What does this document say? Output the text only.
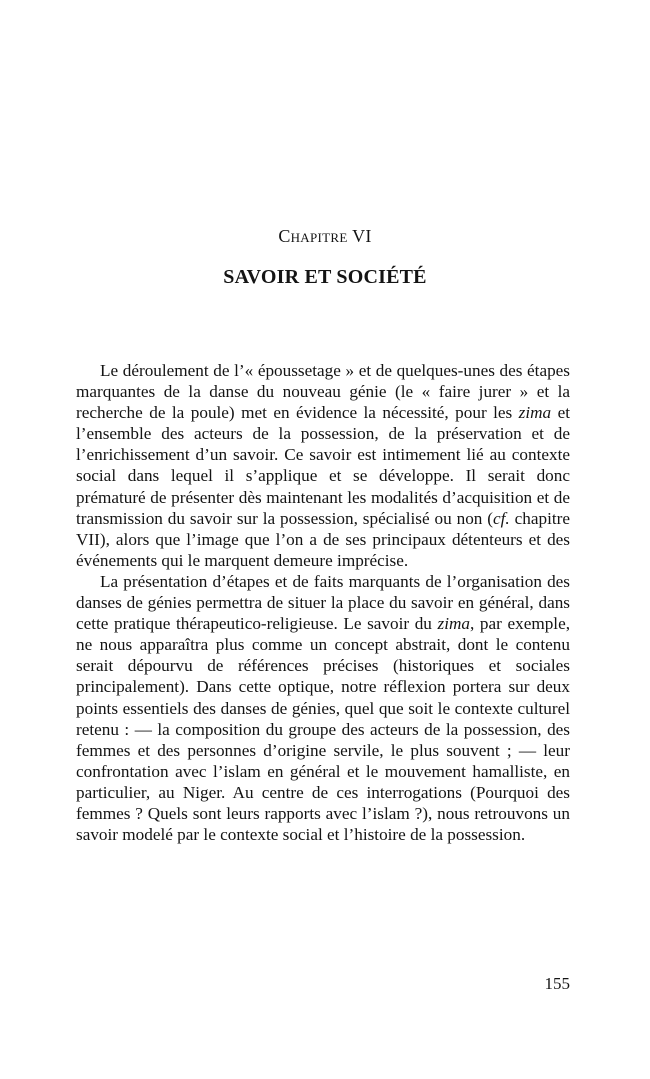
Chapitre VI
SAVOIR ET SOCIÉTÉ

Le déroulement de l’« époussetage » et de quelques-unes des étapes marquantes de la danse du nouveau génie (le « faire jurer » et la recherche de la poule) met en évidence la nécessité, pour les zima et l’ensemble des acteurs de la possession, de la préservation et de l’enrichissement d’un savoir. Ce savoir est intimement lié au contexte social dans lequel il s’applique et se développe. Il serait donc prématuré de présenter dès maintenant les modalités d’acquisition et de transmission du savoir sur la possession, spécialisé ou non (cf. chapitre VII), alors que l’image que l’on a de ses principaux détenteurs et des événements qui le marquent demeure imprécise.

La présentation d’étapes et de faits marquants de l’organisation des danses de génies permettra de situer la place du savoir en général, dans cette pratique thérapeutico-religieuse. Le savoir du zima, par exemple, ne nous apparaîtra plus comme un concept abstrait, dont le contenu serait dépourvu de références précises (historiques et sociales principalement). Dans cette optique, notre réflexion portera sur deux points essentiels des danses de génies, quel que soit le contexte culturel retenu : — la composition du groupe des acteurs de la possession, des femmes et des personnes d’origine servile, le plus souvent ; — leur confrontation avec l’islam en général et le mouvement hamalliste, en particulier, au Niger. Au centre de ces interrogations (Pourquoi des femmes ? Quels sont leurs rapports avec l’islam ?), nous retrouvons un savoir modelé par le contexte social et l’histoire de la possession.

155
